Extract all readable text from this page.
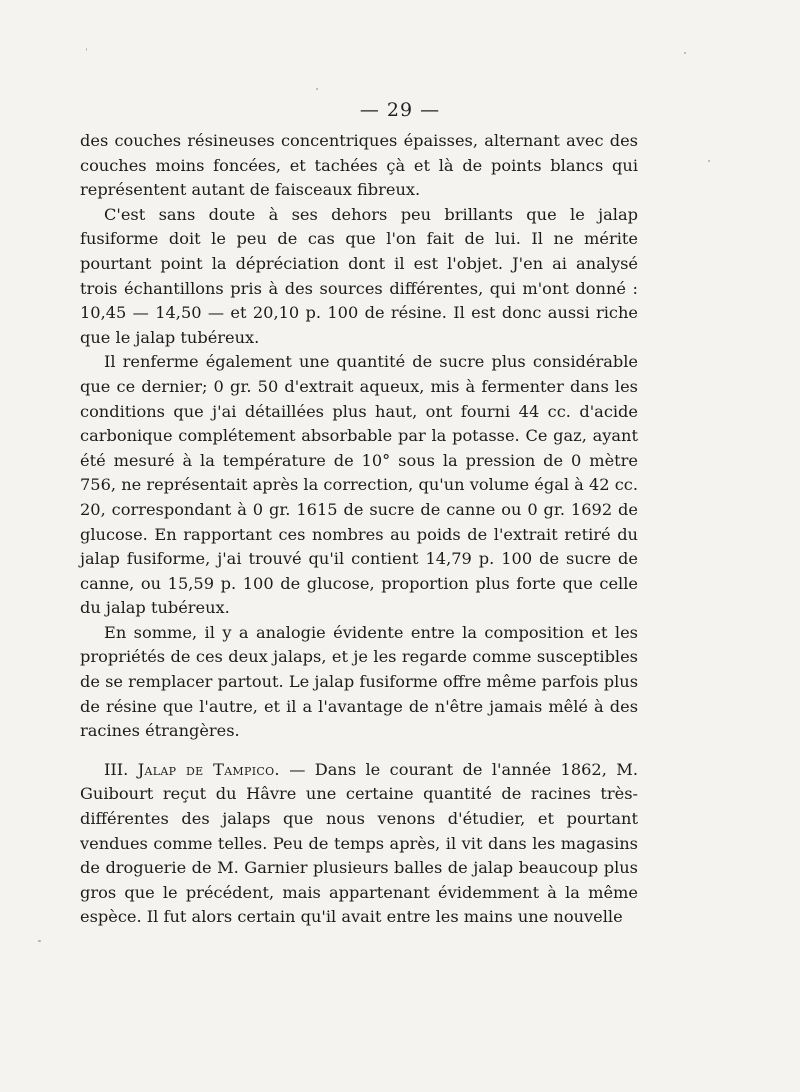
— 29 —

des couches résineuses concentriques épaisses, alternant avec des couches moins foncées, et tachées çà et là de points blancs qui représentent autant de faisceaux fibreux.

C'est sans doute à ses dehors peu brillants que le jalap fusiforme doit le peu de cas que l'on fait de lui. Il ne mérite pourtant point la dépréciation dont il est l'objet. J'en ai analysé trois échantillons pris à des sources différentes, qui m'ont donné : 10,45 — 14,50 — et 20,10 p. 100 de résine. Il est donc aussi riche que le jalap tubéreux.

Il renferme également une quantité de sucre plus considérable que ce dernier; 0 gr. 50 d'extrait aqueux, mis à fermenter dans les conditions que j'ai détaillées plus haut, ont fourni 44 cc. d'acide carbonique complétement absorbable par la potasse. Ce gaz, ayant été mesuré à la température de 10° sous la pression de 0 mètre 756, ne représentait après la correction, qu'un volume égal à 42 cc. 20, correspondant à 0 gr. 1615 de sucre de canne ou 0 gr. 1692 de glucose. En rapportant ces nombres au poids de l'extrait retiré du jalap fusiforme, j'ai trouvé qu'il contient 14,79 p. 100 de sucre de canne, ou 15,59 p. 100 de glucose, proportion plus forte que celle du jalap tubéreux.

En somme, il y a analogie évidente entre la composition et les propriétés de ces deux jalaps, et je les regarde comme susceptibles de se remplacer partout. Le jalap fusiforme offre même parfois plus de résine que l'autre, et il a l'avantage de n'être jamais mêlé à des racines étrangères.

III. Jalap de Tampico. — Dans le courant de l'année 1862, M. Guibourt reçut du Hâvre une certaine quantité de racines très-différentes des jalaps que nous venons d'étudier, et pourtant vendues comme telles. Peu de temps après, il vit dans les magasins de droguerie de M. Garnier plusieurs balles de jalap beaucoup plus gros que le précédent, mais appartenant évidemment à la même espèce. Il fut alors certain qu'il avait entre les mains une nouvelle
